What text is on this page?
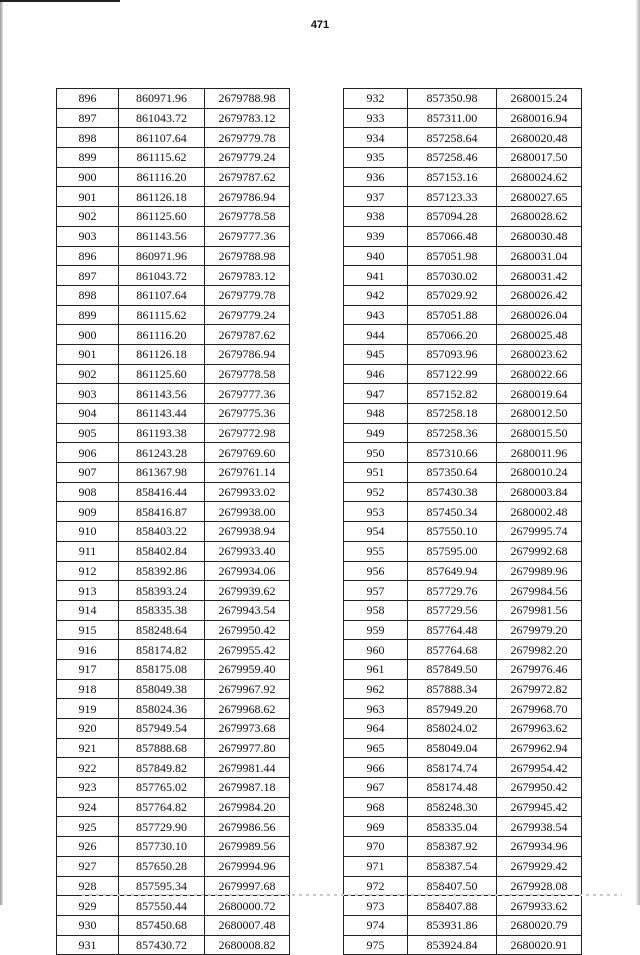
471
896	860971.96	2679788.98
897	861043.72	2679783.12
898	861107.64	2679779.78
899	861115.62	2679779.24
900	861116.20	2679787.62
901	861126.18	2679786.94
902	861125.60	2679778.58
903	861143.56	2679777.36
896	860971.96	2679788.98
897	861043.72	2679783.12
898	861107.64	2679779.78
899	861115.62	2679779.24
900	861116.20	2679787.62
901	861126.18	2679786.94
902	861125.60	2679778.58
903	861143.56	2679777.36
904	861143.44	2679775.36
905	861193.38	2679772.98
906	861243.28	2679769.60
907	861367.98	2679761.14
908	858416.44	2679933.02
909	858416.87	2679938.00
910	858403.22	2679938.94
911	858402.84	2679933.40
912	858392.86	2679934.06
913	858393.24	2679939.62
914	858335.38	2679943.54
915	858248.64	2679950.42
916	858174.82	2679955.42
917	858175.08	2679959.40
918	858049.38	2679967.92
919	858024.36	2679968.62
920	857949.54	2679973.68
921	857888.68	2679977.80
922	857849.82	2679981.44
923	857765.02	2679987.18
924	857764.82	2679984.20
925	857729.90	2679986.56
926	857730.10	2679989.56
927	857650.28	2679994.96
928	857595.34	2679997.68
929	857550.44	2680000.72
930	857450.68	2680007.48
931	857430.72	2680008.82
932	857350.98	2680015.24
933	857311.00	2680016.94
934	857258.64	2680020.48
935	857258.46	2680017.50
936	857153.16	2680024.62
937	857123.33	2680027.65
938	857094.28	2680028.62
939	857066.48	2680030.48
940	857051.98	2680031.04
941	857030.02	2680031.42
942	857029.92	2680026.42
943	857051.88	2680026.04
944	857066.20	2680025.48
945	857093.96	2680023.62
946	857122.99	2680022.66
947	857152.82	2680019.64
948	857258.18	2680012.50
949	857258.36	2680015.50
950	857310.66	2680011.96
951	857350.64	2680010.24
952	857430.38	2680003.84
953	857450.34	2680002.48
954	857550.10	2679995.74
955	857595.00	2679992.68
956	857649.94	2679989.96
957	857729.76	2679984.56
958	857729.56	2679981.56
959	857764.48	2679979.20
960	857764.68	2679982.20
961	857849.50	2679976.46
962	857888.34	2679972.82
963	857949.20	2679968.70
964	858024.02	2679963.62
965	858049.04	2679962.94
966	858174.74	2679954.42
967	858174.48	2679950.42
968	858248.30	2679945.42
969	858335.04	2679938.54
970	858387.92	2679934.96
971	858387.54	2679929.42
972	858407.50	2679928.08
973	858407.88	2679933.62
974	853931.86	2680020.79
975	853924.84	2680020.91
